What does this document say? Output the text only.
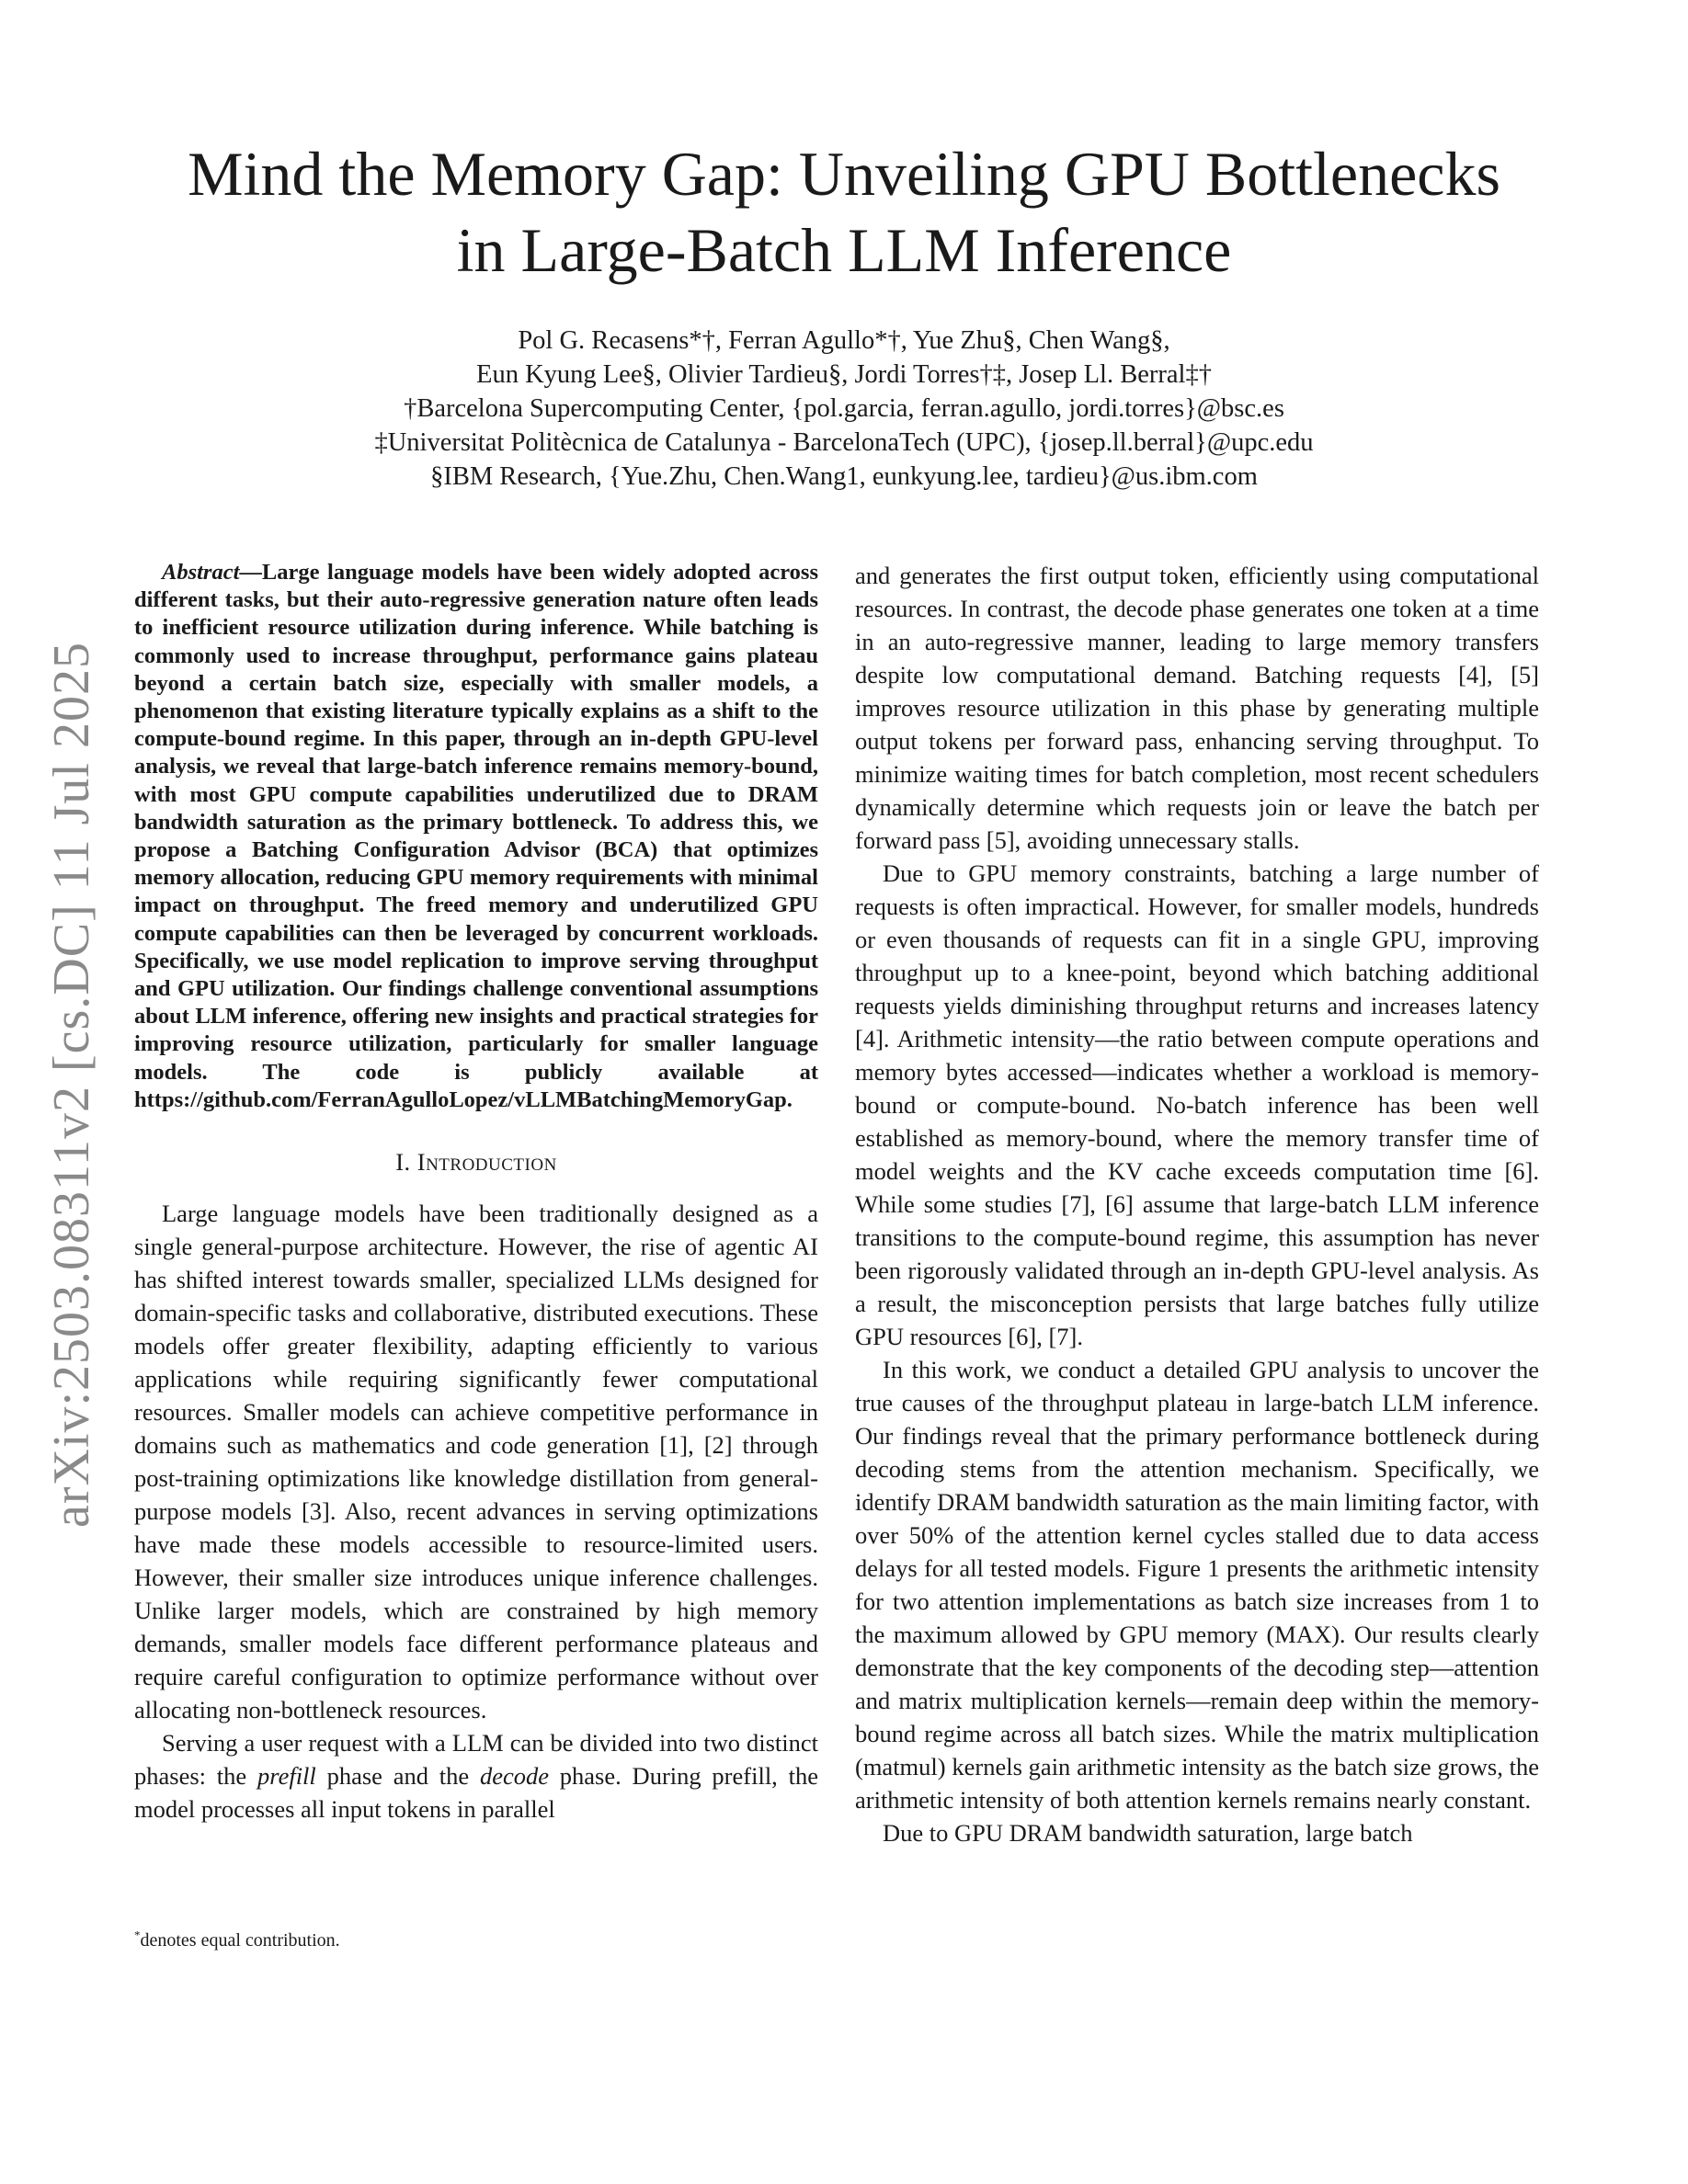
Mind the Memory Gap: Unveiling GPU Bottlenecks
in Large-Batch LLM Inference
Pol G. Recasens*†, Ferran Agullo*†, Yue Zhu§, Chen Wang§,
Eun Kyung Lee§, Olivier Tardieu§, Jordi Torres†‡, Josep Ll. Berral‡†
†Barcelona Supercomputing Center, {pol.garcia, ferran.agullo, jordi.torres}@bsc.es
‡Universitat Politècnica de Catalunya - BarcelonaTech (UPC), {josep.ll.berral}@upc.edu
§IBM Research, {Yue.Zhu, Chen.Wang1, eunkyung.lee, tardieu}@us.ibm.com
arXiv:2503.08311v2 [cs.DC] 11 Jul 2025

Abstract—Large language models have been widely adopted across different tasks, but their auto-regressive generation nature often leads to inefficient resource utilization during inference. While batching is commonly used to increase throughput, performance gains plateau beyond a certain batch size, especially with smaller models, a phenomenon that existing literature typically explains as a shift to the compute-bound regime. In this paper, through an in-depth GPU-level analysis, we reveal that large-batch inference remains memory-bound, with most GPU compute capabilities underutilized due to DRAM bandwidth saturation as the primary bottleneck. To address this, we propose a Batching Configuration Advisor (BCA) that optimizes memory allocation, reducing GPU memory requirements with minimal impact on throughput. The freed memory and underutilized GPU compute capabilities can then be leveraged by concurrent workloads. Specifically, we use model replication to improve serving throughput and GPU utilization. Our findings challenge conventional assumptions about LLM inference, offering new insights and practical strategies for improving resource utilization, particularly for smaller language models. The code is publicly available at https://github.com/FerranAgulloLopez/vLLMBatchingMemoryGap.

I. Introduction

Large language models have been traditionally designed as a single general-purpose architecture. However, the rise of agentic AI has shifted interest towards smaller, specialized LLMs designed for domain-specific tasks and collaborative, distributed executions. These models offer greater flexibility, adapting efficiently to various applications while requiring significantly fewer computational resources. Smaller models can achieve competitive performance in domains such as mathematics and code generation [1], [2] through post-training optimizations like knowledge distillation from general-purpose models [3]. Also, recent advances in serving optimizations have made these models accessible to resource-limited users. However, their smaller size introduces unique inference challenges. Unlike larger models, which are constrained by high memory demands, smaller models face different performance plateaus and require careful configuration to optimize performance without over allocating non-bottleneck resources.

Serving a user request with a LLM can be divided into two distinct phases: the prefill phase and the decode phase. During prefill, the model processes all input tokens in parallel

and generates the first output token, efficiently using computational resources. In contrast, the decode phase generates one token at a time in an auto-regressive manner, leading to large memory transfers despite low computational demand. Batching requests [4], [5] improves resource utilization in this phase by generating multiple output tokens per forward pass, enhancing serving throughput. To minimize waiting times for batch completion, most recent schedulers dynamically determine which requests join or leave the batch per forward pass [5], avoiding unnecessary stalls.

Due to GPU memory constraints, batching a large number of requests is often impractical. However, for smaller models, hundreds or even thousands of requests can fit in a single GPU, improving throughput up to a knee-point, beyond which batching additional requests yields diminishing throughput returns and increases latency [4]. Arithmetic intensity—the ratio between compute operations and memory bytes accessed—indicates whether a workload is memory-bound or compute-bound. No-batch inference has been well established as memory-bound, where the memory transfer time of model weights and the KV cache exceeds computation time [6]. While some studies [7], [6] assume that large-batch LLM inference transitions to the compute-bound regime, this assumption has never been rigorously validated through an in-depth GPU-level analysis. As a result, the misconception persists that large batches fully utilize GPU resources [6], [7].

In this work, we conduct a detailed GPU analysis to uncover the true causes of the throughput plateau in large-batch LLM inference. Our findings reveal that the primary performance bottleneck during decoding stems from the attention mechanism. Specifically, we identify DRAM bandwidth saturation as the main limiting factor, with over 50% of the attention kernel cycles stalled due to data access delays for all tested models. Figure 1 presents the arithmetic intensity for two attention implementations as batch size increases from 1 to the maximum allowed by GPU memory (MAX). Our results clearly demonstrate that the key components of the decoding step—attention and matrix multiplication kernels—remain deep within the memory-bound regime across all batch sizes. While the matrix multiplication (matmul) kernels gain arithmetic intensity as the batch size grows, the arithmetic intensity of both attention kernels remains nearly constant.

Due to GPU DRAM bandwidth saturation, large batch

*denotes equal contribution.
